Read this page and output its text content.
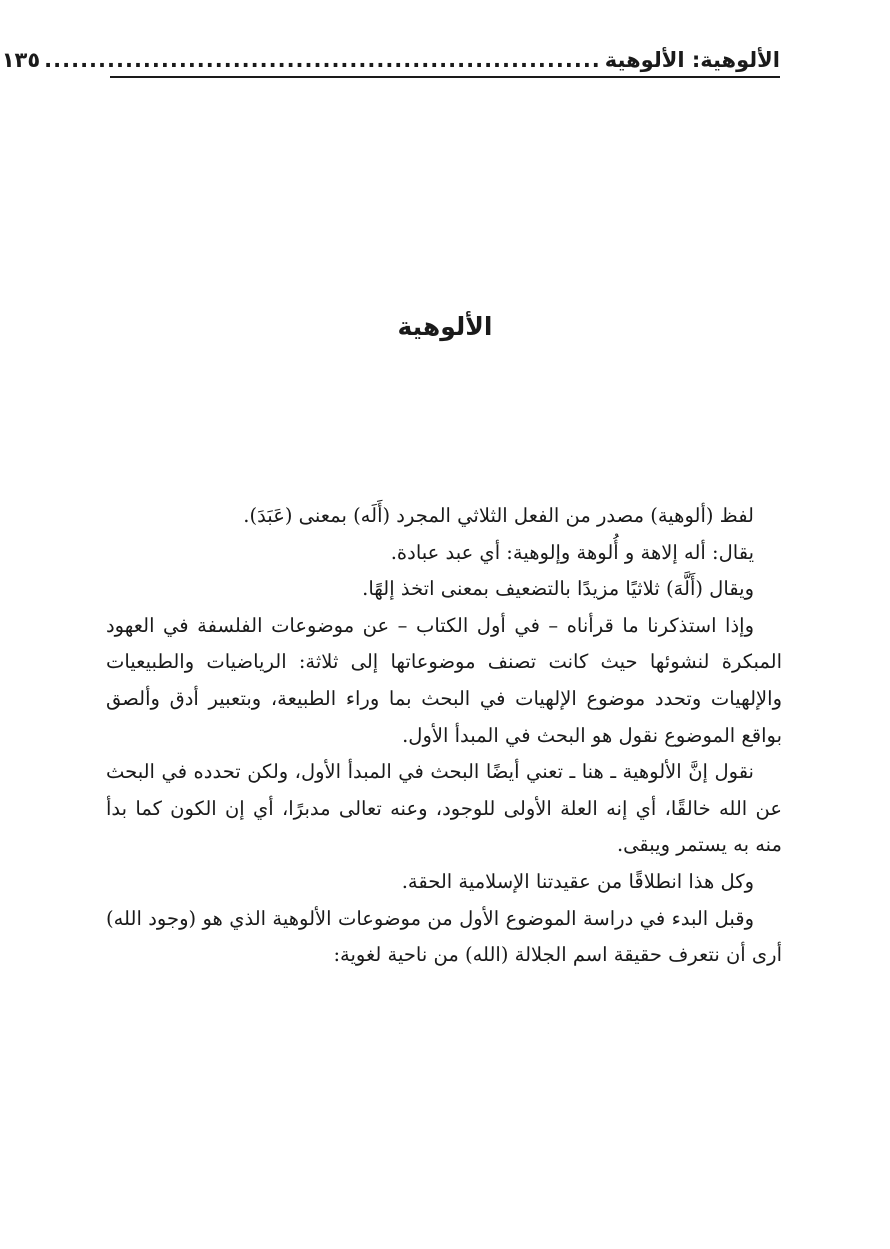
الألوهية: الألوهية
..............................................................
١٣٥
الألوهية

لفظ (ألوهية) مصدر من الفعل الثلاثي المجرد (أَلَه) بمعنى (عَبَدَ).

يقال: أله إلاهة و أُلوهة وإلوهية: أي عبد عبادة.

ويقال (أَلَّهَ) ثلاثيًا مزيدًا بالتضعيف بمعنى اتخذ إلهًا.

وإذا استذكرنا ما قرأناه – في أول الكتاب – عن موضوعات الفلسفة في العهود المبكرة لنشوئها حيث كانت تصنف موضوعاتها إلى ثلاثة: الرياضيات والطبيعيات والإلهيات وتحدد موضوع الإلهيات في البحث بما وراء الطبيعة، وبتعبير أدق وألصق بواقع الموضوع نقول هو البحث في المبدأ الأول.

نقول إنَّ الألوهية ـ هنا ـ تعني أيضًا البحث في المبدأ الأول، ولكن تحدده في البحث عن الله خالقًا، أي إنه العلة الأولى للوجود، وعنه تعالى مدبرًا، أي إن الكون كما بدأ منه به يستمر ويبقى.

وكل هذا انطلاقًا من عقيدتنا الإسلامية الحقة.

وقبل البدء في دراسة الموضوع الأول من موضوعات الألوهية الذي هو (وجود الله) أرى أن نتعرف حقيقة اسم الجلالة (الله) من ناحية لغوية:
